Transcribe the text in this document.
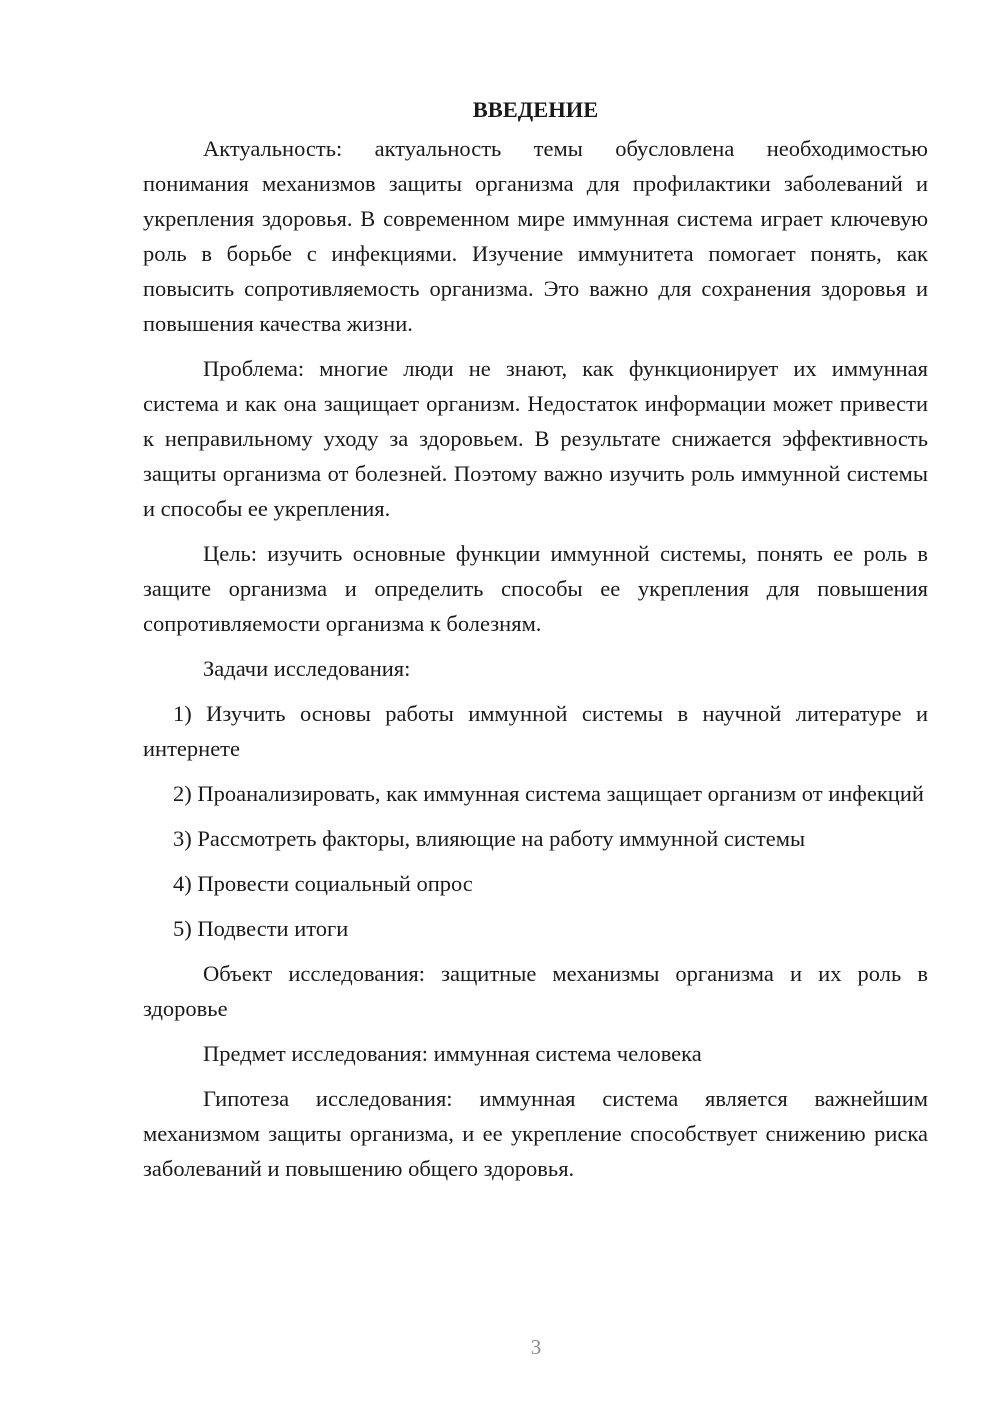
ВВЕДЕНИЕ

Актуальность: актуальность темы обусловлена необходимостью понимания механизмов защиты организма для профилактики заболеваний и укрепления здоровья. В современном мире иммунная система играет ключевую роль в борьбе с инфекциями. Изучение иммунитета помогает понять, как повысить сопротивляемость организма. Это важно для сохранения здоровья и повышения качества жизни.

Проблема: многие люди не знают, как функционирует их иммунная система и как она защищает организм. Недостаток информации может привести к неправильному уходу за здоровьем. В результате снижается эффективность защиты организма от болезней. Поэтому важно изучить роль иммунной системы и способы ее укрепления.

Цель: изучить основные функции иммунной системы, понять ее роль в защите организма и определить способы ее укрепления для повышения сопротивляемости организма к болезням.

Задачи исследования:

1) Изучить основы работы иммунной системы в научной литературе и интернете

2) Проанализировать, как иммунная система защищает организм от инфекций

3) Рассмотреть факторы, влияющие на работу иммунной системы

4) Провести социальный опрос

5) Подвести итоги

Объект исследования: защитные механизмы организма и их роль в здоровье

Предмет исследования: иммунная система человека

Гипотеза исследования: иммунная система является важнейшим механизмом защиты организма, и ее укрепление способствует снижению риска заболеваний и повышению общего здоровья.

3
